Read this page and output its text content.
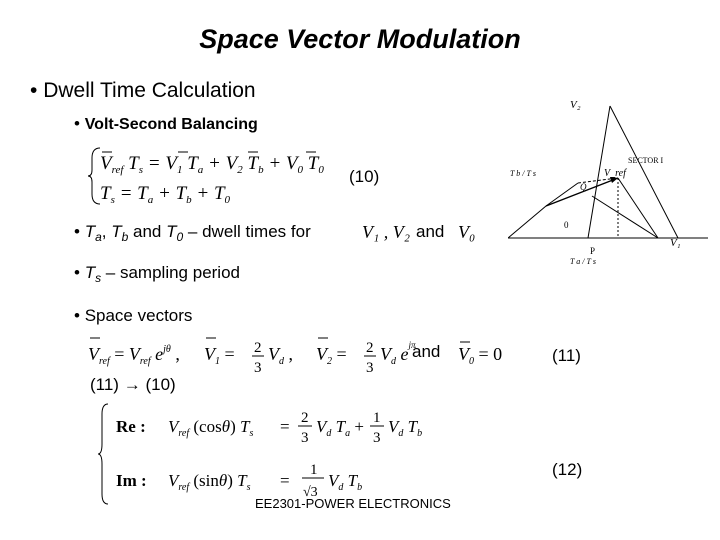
Space Vector Modulation
• Dwell Time Calculation
• Volt-Second Balancing
$V_{ref}$ $T_s = V_1$ $T_a + V_2$ $T_b + V_0$ $T_0$
$T_s = T_a + T_b + T_0$
(10)
• $T_a$, $T_b$ and $T_0$ – dwell times for	V₁ , V₂ and V₀
• $T_s$ – sampling period
• Space vectors
$V_{ref} = V_{ref}$ $e^{j\theta}$ , $V_1 = 2$
3
$V_d$ , $V_2 = 2$
3
$V_d$ $e^{j\pi}$
and $V_0 = 0$	(11)
(11) → (10)
Re : $V_{ref}$ (cosθ) $T_s = 2$
3
$V_d$ $T_a + 1$
3
$V_d$ $T_b$
Im : $V_{ref}$ (sinθ) $T_s$ =
1
√3
$V_d$ $T_b$
(12)
EE2301-POWER ELECTRONICS
V₂
SECTOR I
V_ref
Q
0
P
V₁
T b / T s
T a / T s
